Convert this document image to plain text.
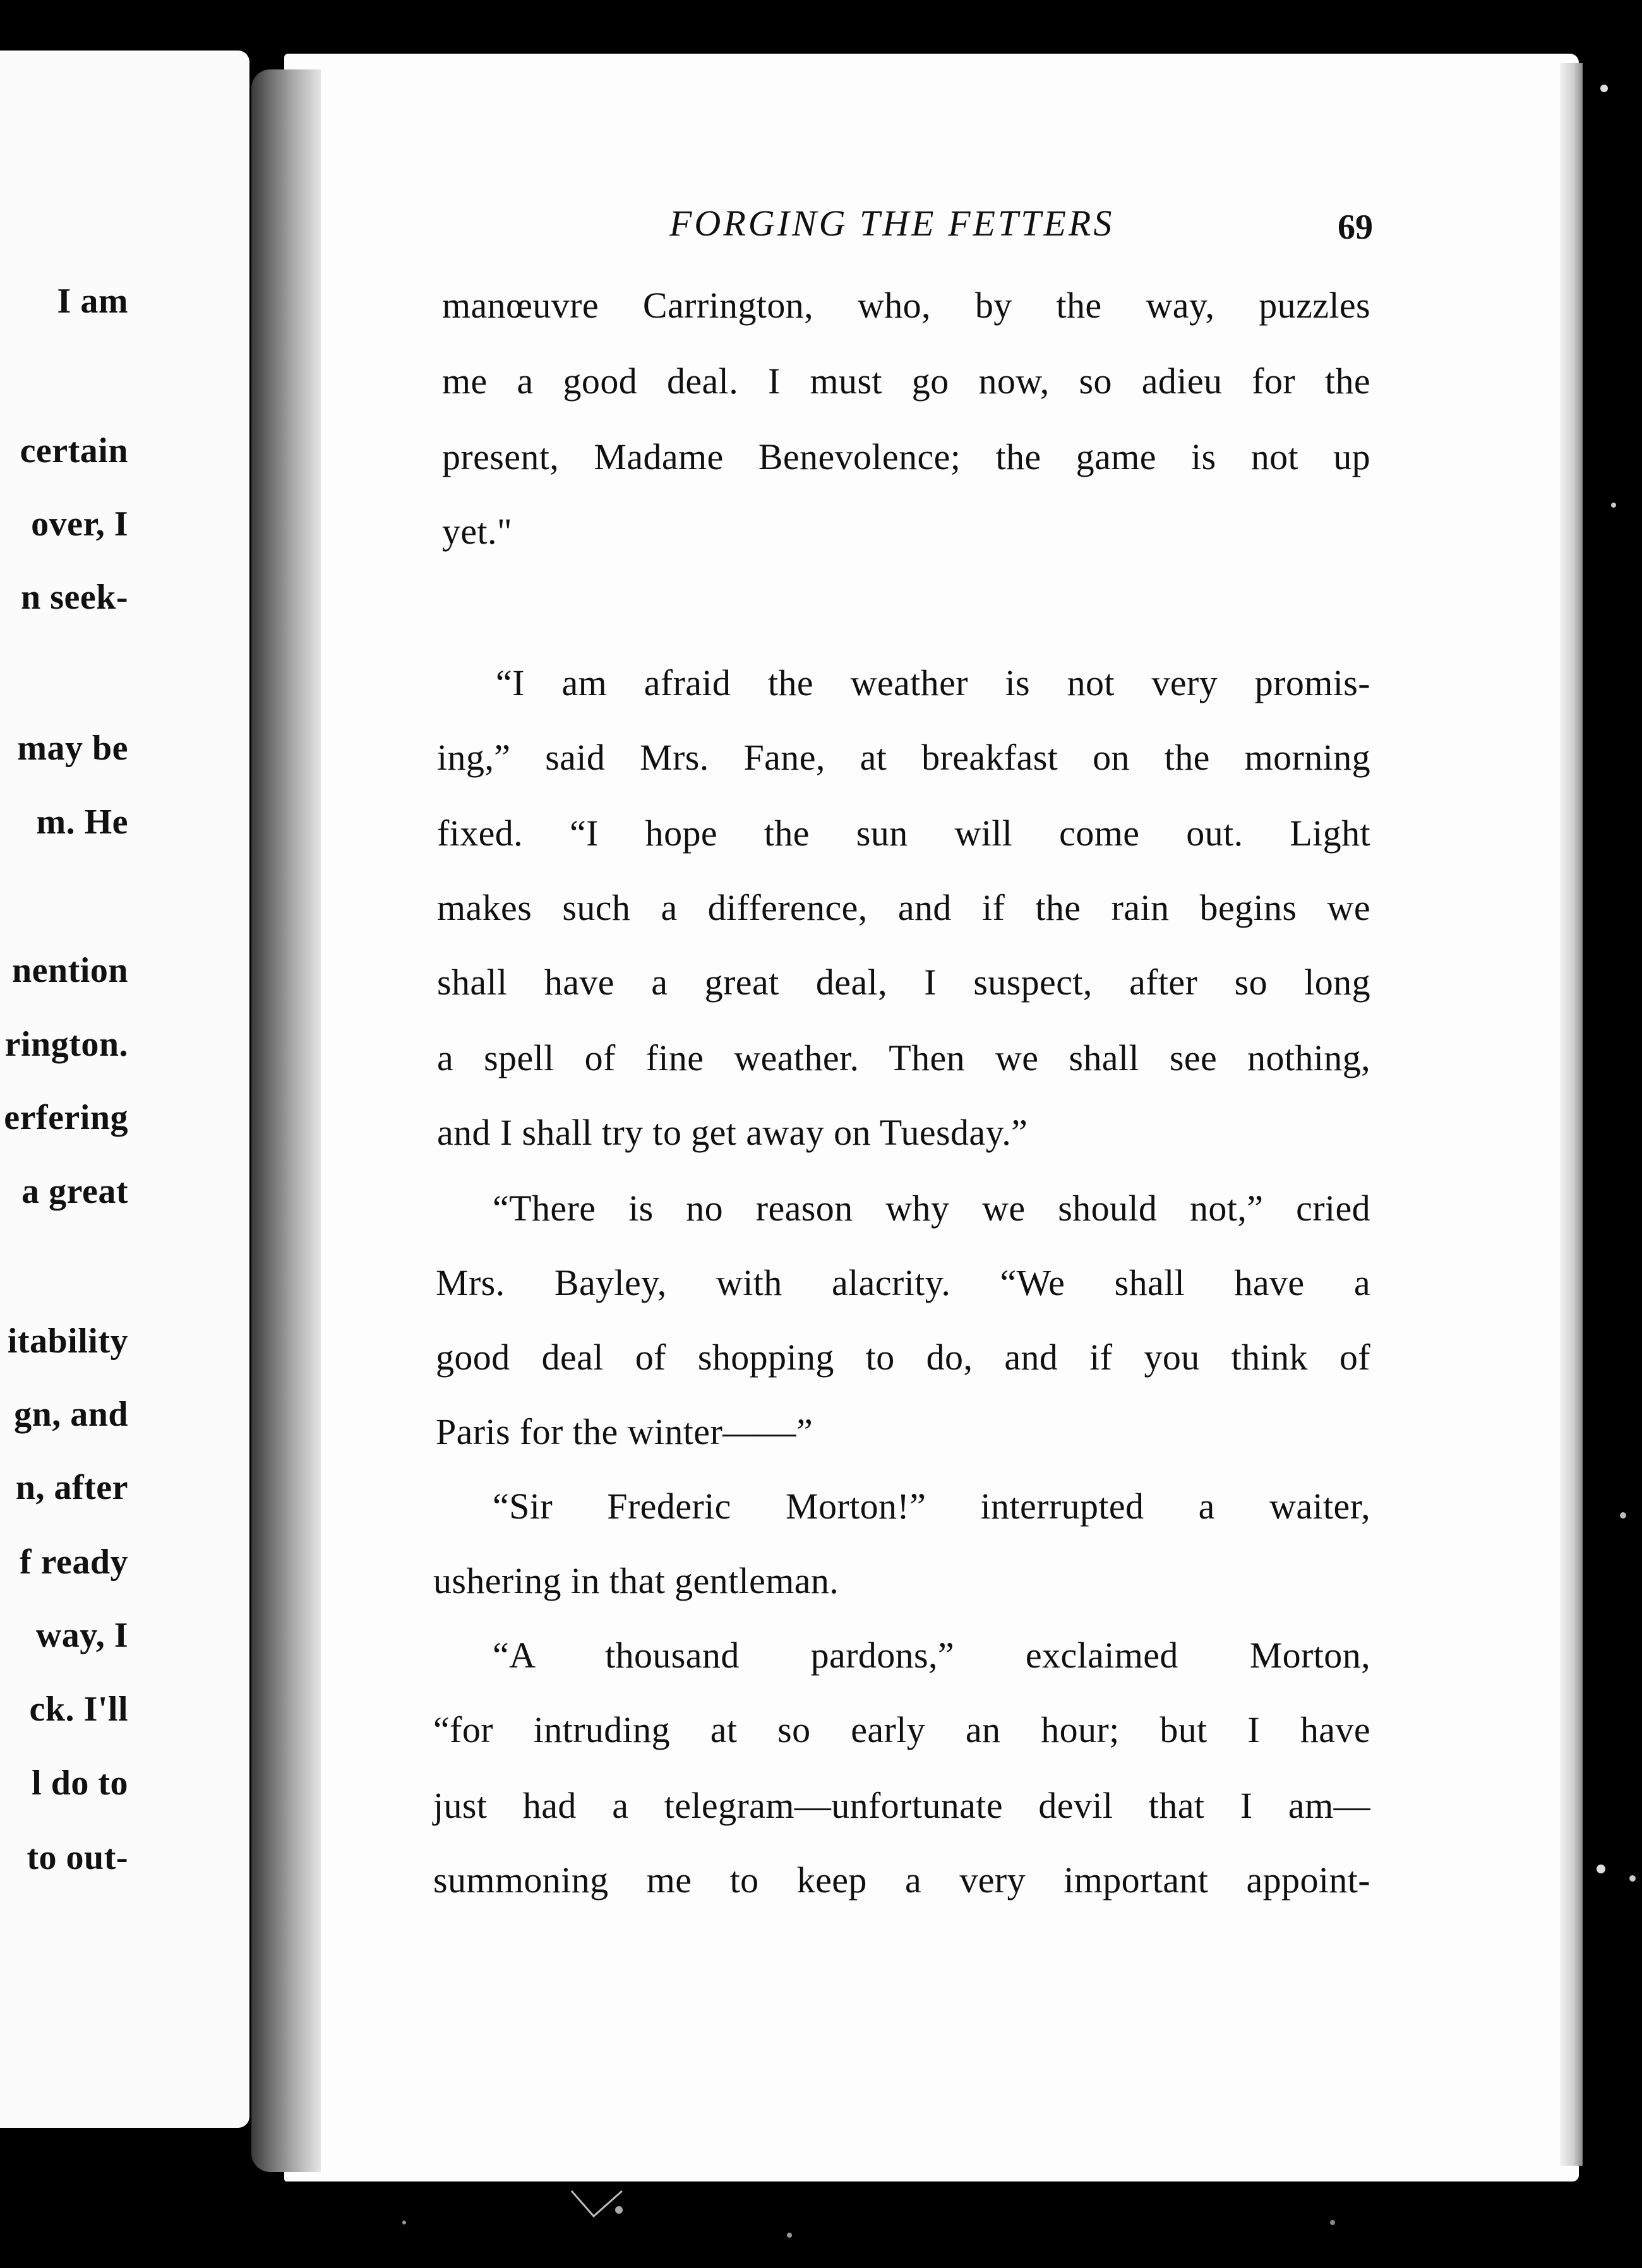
I am
certain
over, I
n seek-
may be
m. He
nention
rington.
erfering
a great
itability
gn, and
n, after
f ready
way, I
ck. I'll
l do to
to out-
FORGING THE FETTERS	69
manœuvre Carrington, who, by the way, puzzles
me a good deal. I must go now, so adieu for the
present, Madame Benevolence; the game is not up
yet."
“I am afraid the weather is not very promis-
ing,” said Mrs. Fane, at breakfast on the morning
fixed. “I hope the sun will come out. Light
makes such a difference, and if the rain begins we
shall have a great deal, I suspect, after so long
a spell of fine weather. Then we shall see nothing,
and I shall try to get away on Tuesday.”
“There is no reason why we should not,” cried
Mrs. Bayley, with alacrity. “We shall have a
good deal of shopping to do, and if you think of
Paris for the winter——”
“Sir Frederic Morton!” interrupted a waiter,
ushering in that gentleman.
“A thousand pardons,” exclaimed Morton,
“for intruding at so early an hour; but I have
just had a telegram—unfortunate devil that I am—
summoning me to keep a very important appoint-
